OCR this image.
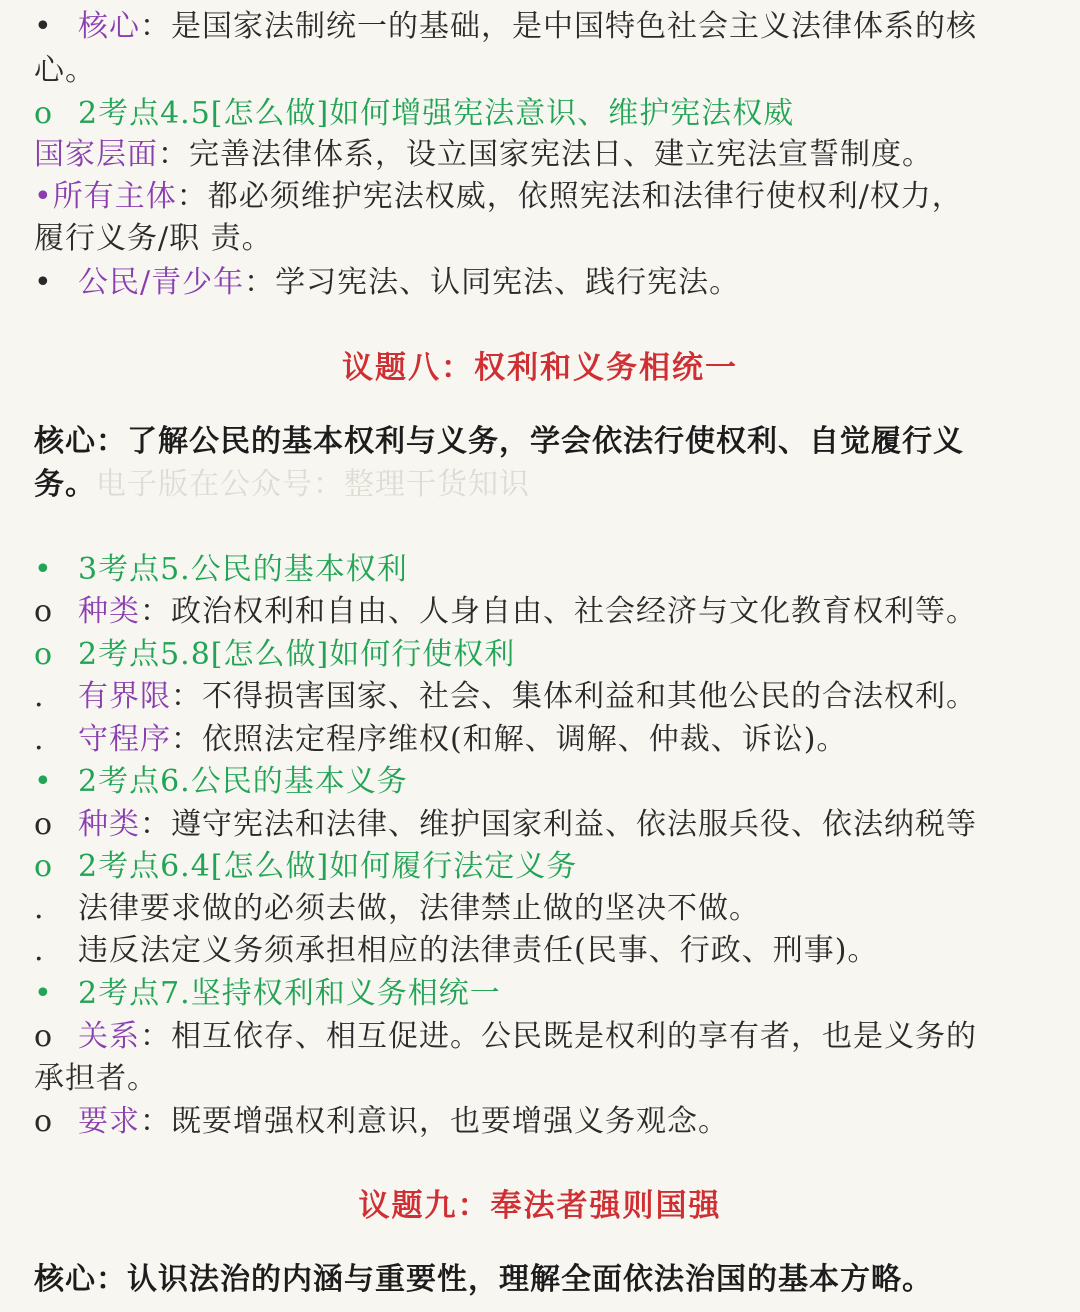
• 核心：是国家法制统一的基础，是中国特色社会主义法律体系的核
心。
o 2考点4.5[怎么做]如何增强宪法意识、维护宪法权威
国家层面：完善法律体系，设立国家宪法日、建立宪法宣誓制度。
•所有主体：都必须维护宪法权威，依照宪法和法律行使权利/权力，
履行义务/职 责。
• 公民/青少年：学习宪法、认同宪法、践行宪法。
议题八：权利和义务相统一
核心：了解公民的基本权利与义务，学会依法行使权利、自觉履行义
务。电子版在公众号：整理干货知识
• 3考点5.公民的基本权利
o 种类：政治权利和自由、人身自由、社会经济与文化教育权利等。
o 2考点5.8[怎么做]如何行使权利
. 有界限：不得损害国家、社会、集体利益和其他公民的合法权利。
. 守程序：依照法定程序维权(和解、调解、仲裁、诉讼)。
• 2考点6.公民的基本义务
o 种类：遵守宪法和法律、维护国家利益、依法服兵役、依法纳税等
o 2考点6.4[怎么做]如何履行法定义务
. 法律要求做的必须去做，法律禁止做的坚决不做。
. 违反法定义务须承担相应的法律责任(民事、行政、刑事)。
• 2考点7.坚持权利和义务相统一
o 关系：相互依存、相互促进。公民既是权利的享有者，也是义务的
承担者。
o 要求：既要增强权利意识，也要增强义务观念。
议题九：奉法者强则国强
核心：认识法治的内涵与重要性，理解全面依法治国的基本方略。
